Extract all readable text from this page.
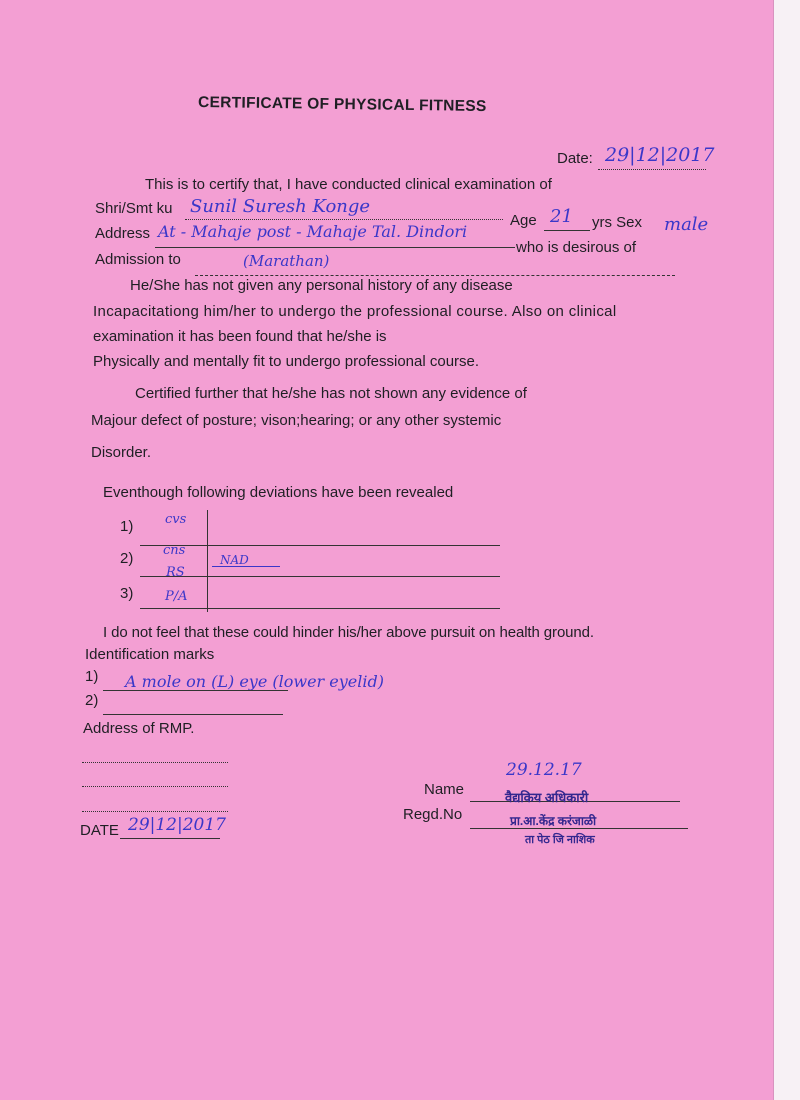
CERTIFICATE OF PHYSICAL FITNESS
Date: 29|12|2017
This is to certify that, I have conducted clinical examination of
Shri/Smt ku Sunil Suresh Konge
Age 21 yrs Sex male
Address At - Mahaje post - Mahaje Tal. Dindori
who is desirous of
Admission to	(Marathan)
He/She has not given any personal history of any disease
Incapacitationg him/her to undergo the professional course. Also on clinical
examination it has been found that he/she is
Physically and mentally fit to undergo professional course.
Certified further that he/she has not shown any evidence of
Majour defect of posture; vison;hearing; or any other systemic
Disorder.
Eventhough following deviations have been revealed
1) cvs
2) cns
NAD
RS
3) P/A
I do not feel that these could hinder his/her above pursuit on health ground.
Identification marks
1) A mole on (L) eye (lower eyelid)
2)
Address of RMP.
DATE 29|12|2017
Name
29.12.17
वैद्यकिय अधिकारी
Regd.No	प्रा.आ.केंद्र करंजाळी
ता पेठ जि नाशिक
